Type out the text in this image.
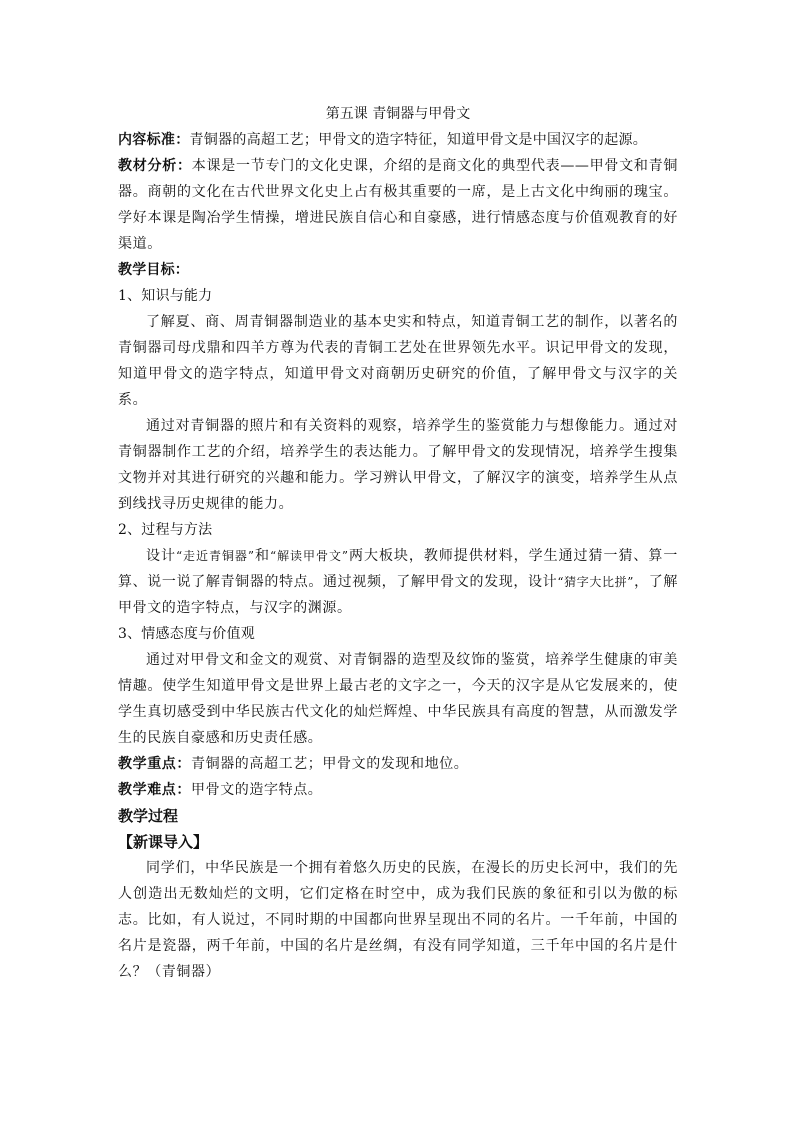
第五课 青铜器与甲骨文

内容标准：青铜器的高超工艺；甲骨文的造字特征，知道甲骨文是中国汉字的起源。

教材分析：本课是一节专门的文化史课，介绍的是商文化的典型代表——甲骨文和青铜器。商朝的文化在古代世界文化史上占有极其重要的一席，是上古文化中绚丽的瑰宝。学好本课是陶冶学生情操，增进民族自信心和自豪感，进行情感态度与价值观教育的好渠道。

教学目标：

1、知识与能力

了解夏、商、周青铜器制造业的基本史实和特点，知道青铜工艺的制作，以著名的青铜器司母戊鼎和四羊方尊为代表的青铜工艺处在世界领先水平。识记甲骨文的发现，知道甲骨文的造字特点，知道甲骨文对商朝历史研究的价值，了解甲骨文与汉字的关系。

通过对青铜器的照片和有关资料的观察，培养学生的鉴赏能力与想像能力。通过对青铜器制作工艺的介绍，培养学生的表达能力。了解甲骨文的发现情况，培养学生搜集文物并对其进行研究的兴趣和能力。学习辨认甲骨文，了解汉字的演变，培养学生从点到线找寻历史规律的能力。

2、过程与方法

设计“走近青铜器”和“解读甲骨文”两大板块，教师提供材料，学生通过猜一猜、算一算、说一说了解青铜器的特点。通过视频，了解甲骨文的发现，设计“猜字大比拼”，了解甲骨文的造字特点，与汉字的渊源。

3、情感态度与价值观

通过对甲骨文和金文的观赏、对青铜器的造型及纹饰的鉴赏，培养学生健康的审美情趣。使学生知道甲骨文是世界上最古老的文字之一，今天的汉字是从它发展来的，使学生真切感受到中华民族古代文化的灿烂辉煌、中华民族具有高度的智慧，从而激发学生的民族自豪感和历史责任感。

教学重点：青铜器的高超工艺；甲骨文的发现和地位。

教学难点：甲骨文的造字特点。

教学过程

【新课导入】

同学们，中华民族是一个拥有着悠久历史的民族，在漫长的历史长河中，我们的先人创造出无数灿烂的文明，它们定格在时空中，成为我们民族的象征和引以为傲的标志。比如，有人说过，不同时期的中国都向世界呈现出不同的名片。一千年前，中国的名片是瓷器，两千年前，中国的名片是丝绸，有没有同学知道，三千年中国的名片是什么？（青铜器）
